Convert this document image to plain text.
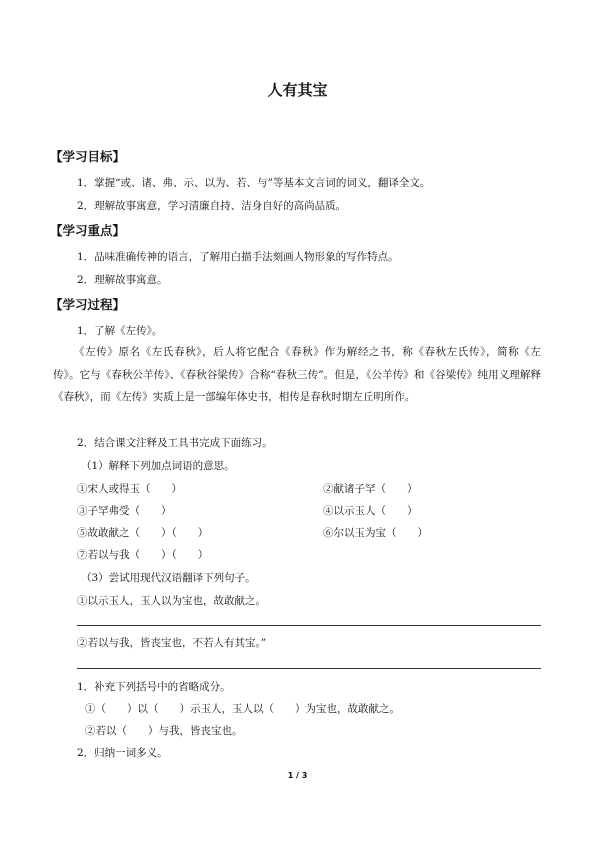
人有其宝
【学习目标】
1．掌握“或、诸、弗、示、以为、若、与”等基本文言词的词义，翻译全文。
2．理解故事寓意，学习清廉自持、洁身自好的高尚品质。
【学习重点】
1．品味准确传神的语言，了解用白描手法刻画人物形象的写作特点。
2．理解故事寓意。
【学习过程】
1．了解《左传》。
《左传》原名《左氏春秋》，后人将它配合《春秋》作为解经之书，称《春秋左氏传》，简称《左传》。它与《春秋公羊传》、《春秋谷梁传》合称“春秋三传”。但是，《公羊传》和《谷梁传》纯用义理解释《春秋》，而《左传》实质上是一部编年体史书，相传是春秋时期左丘明所作。
2．结合课文注释及工具书完成下面练习。
（1）解释下列加点词语的意思。
①宋人或得玉（　　）	②献诸子罕（　　）
③子罕弗受（　　）	④以示玉人（　　）
⑤故敢献之（　　）（　　）	⑥尔以玉为宝（　　）
⑦若以与我（　　）（　　）
（3）尝试用现代汉语翻译下列句子。
①以示玉人，玉人以为宝也，故敢献之。
②若以与我，皆丧宝也，不若人有其宝。”
1．补充下列括号中的省略成分。
①（　　）以（　　）示玉人，玉人以（　　）为宝也，故敢献之。
②若以（　　）与我，皆丧宝也。
2．归纳一词多义。
1 / 3
